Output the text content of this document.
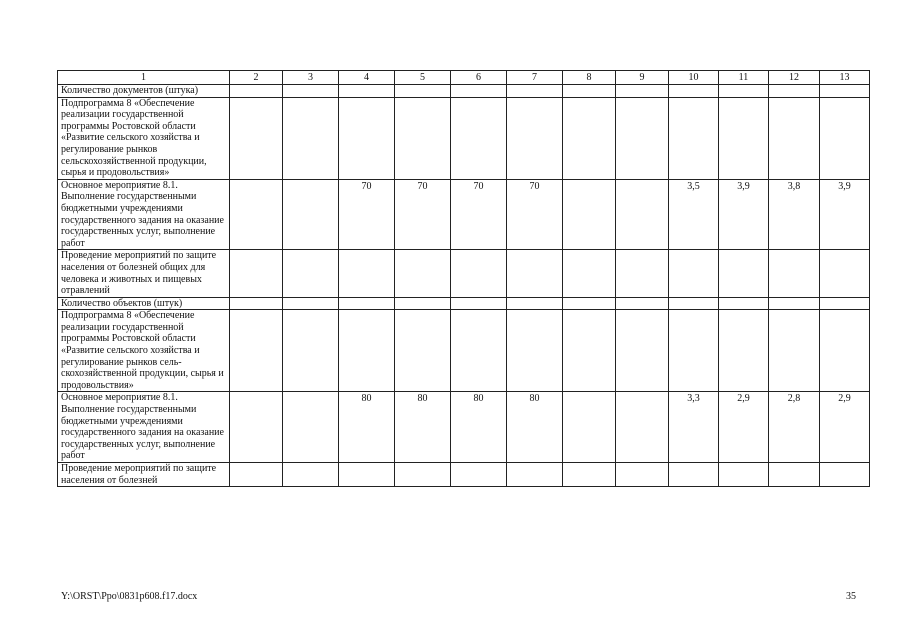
1	2	3	4	5	6	7	8	9	10	11	12	13
Количество документов (штука)												
Подпрограмма 8 «Обеспечение реализации государственной программы Ростовской области «Развитие сельского хозяйства и регулирование рынков сельскохозяйственной продукции, сырья и продовольствия»												
Основное мероприятие 8.1. Выполнение государственными бюджетными учреждениями государственного задания на оказание государственных услуг, выполнение работ			70	70	70	70			3,5	3,9	3,8	3,9
Проведение мероприятий по защите населения от болезней общих для человека и животных и пищевых отравлений												
Количество объектов (штук)												
Подпрограмма 8 «Обеспечение реализации государственной программы Ростовской области «Развитие сельского хозяйства и регулирование рынков сель-скохозяйственной продукции, сырья и продовольствия»												
Основное мероприятие 8.1. Выполнение государственными бюджетными учреждениями государственного задания на оказание государственных услуг, выполнение работ			80	80	80	80			3,3	2,9	2,8	2,9
Проведение мероприятий по защите населения от болезней												
Y:\ORST\Ppo\0831p608.f17.docx	35
